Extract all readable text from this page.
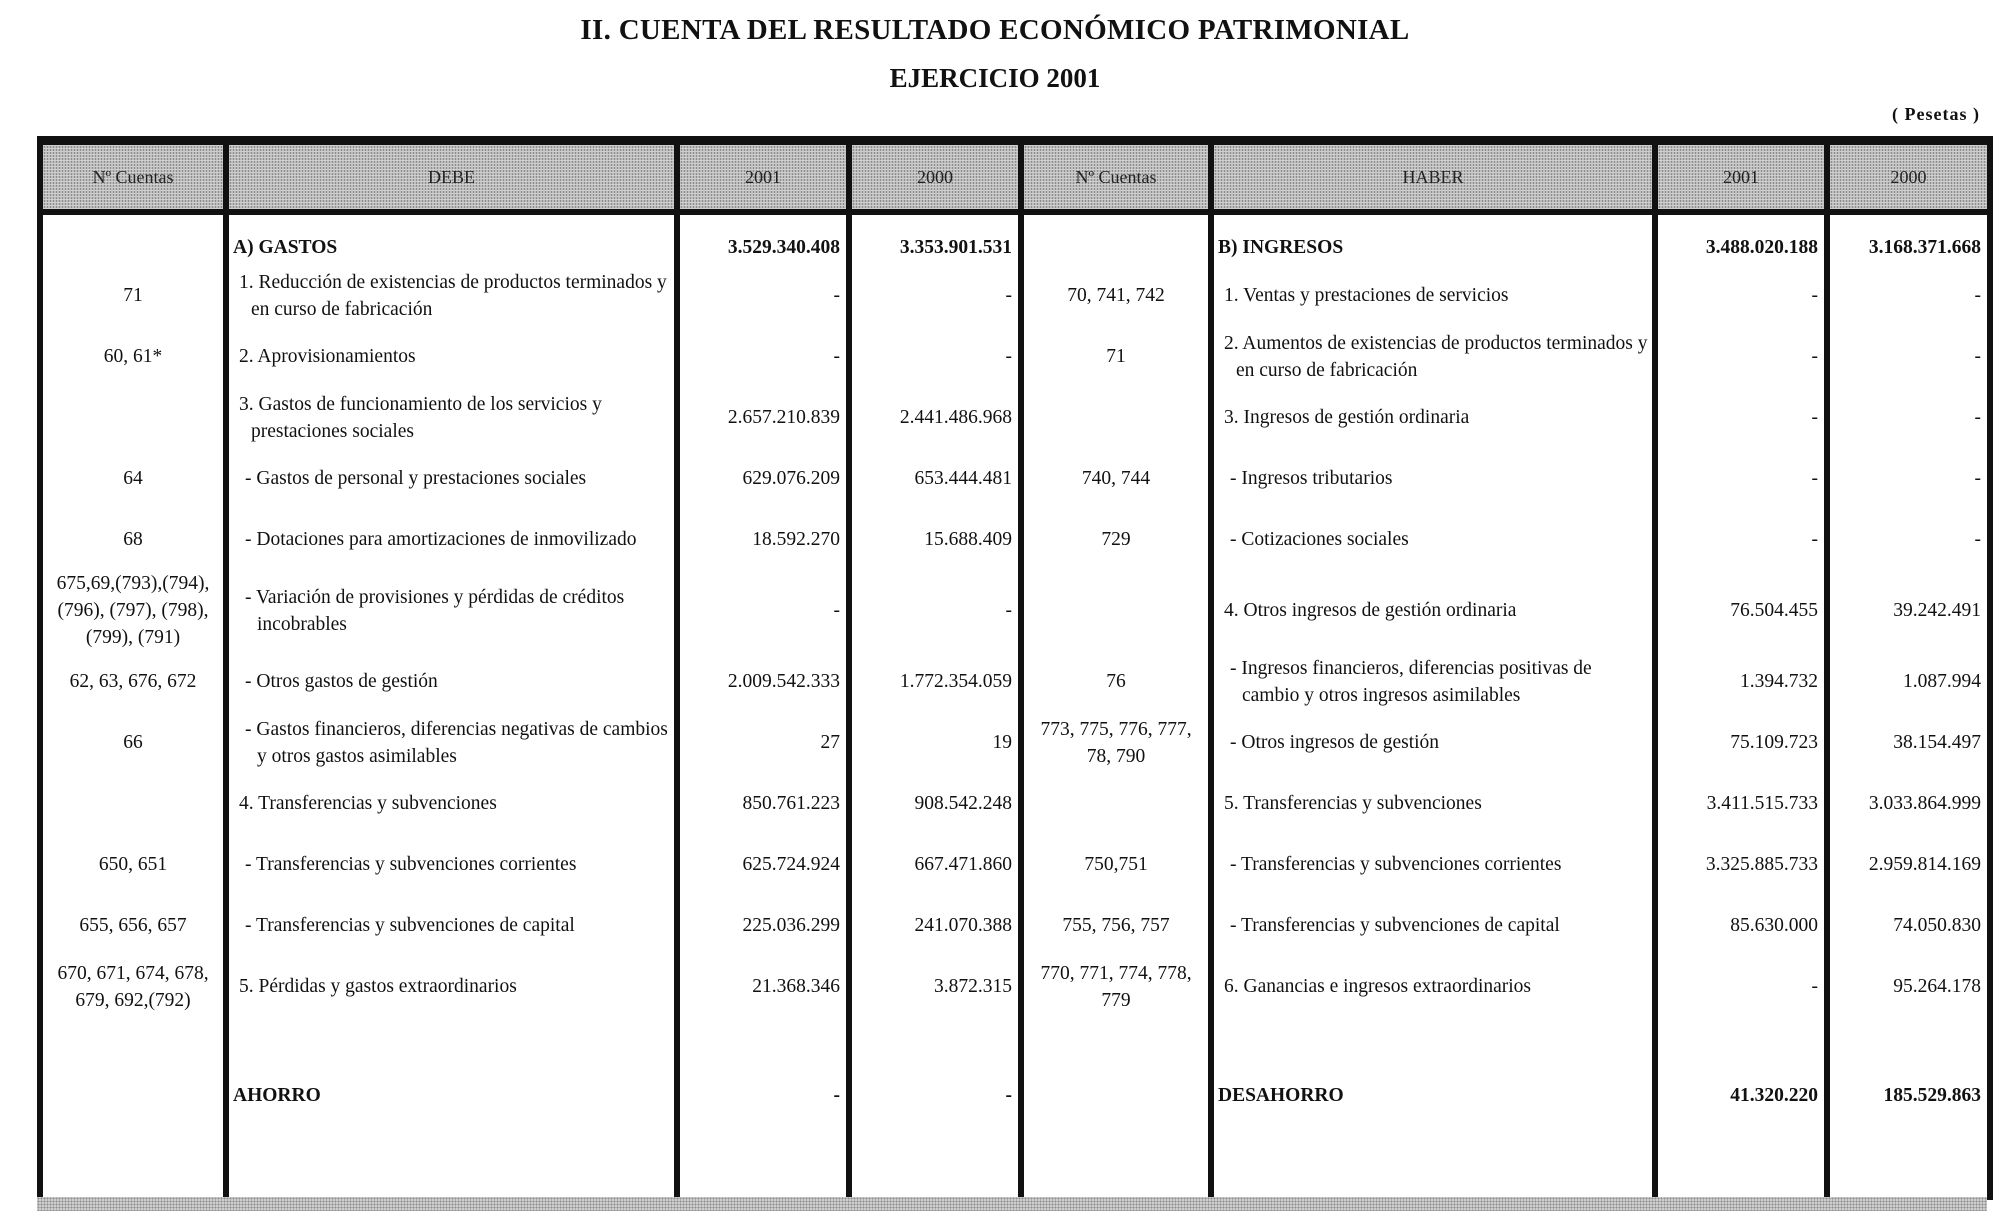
II. CUENTA DEL RESULTADO ECONÓMICO PATRIMONIAL
EJERCICIO 2001
( Pesetas )
Nº Cuentas	DEBE	2001	2000	Nº Cuentas	HABER	2001	2000

	A) GASTOS	3.529.340.408	3.353.901.531		B) INGRESOS	3.488.020.188	3.168.371.668
71	1. Reducción de existencias de productos terminados y en curso de fabricación	-	-	70, 741, 742	1. Ventas y prestaciones de servicios	-	-
60, 61*	2. Aprovisionamientos	-	-	71	2. Aumentos de existencias de productos terminados y en curso de fabricación	-	-
	3. Gastos de funcionamiento de los servicios y prestaciones sociales	2.657.210.839	2.441.486.968		3. Ingresos de gestión ordinaria	-	-
64	- Gastos de personal y prestaciones sociales	629.076.209	653.444.481	740, 744	- Ingresos tributarios	-	-
68	- Dotaciones para amortizaciones de inmovilizado	18.592.270	15.688.409	729	- Cotizaciones sociales	-	-
675,69,(793),(794), (796), (797), (798), (799), (791)	- Variación de provisiones y pérdidas de créditos incobrables	-	-		4. Otros ingresos de gestión ordinaria	76.504.455	39.242.491
62, 63, 676, 672	- Otros gastos de gestión	2.009.542.333	1.772.354.059	76	- Ingresos financieros, diferencias positivas de cambio y otros ingresos asimilables	1.394.732	1.087.994
66	- Gastos financieros, diferencias negativas de cambios y otros gastos asimilables	27	19	773, 775, 776, 777, 78, 790	- Otros ingresos de gestión	75.109.723	38.154.497
	4. Transferencias y subvenciones	850.761.223	908.542.248		5. Transferencias y subvenciones	3.411.515.733	3.033.864.999
650, 651	- Transferencias y subvenciones corrientes	625.724.924	667.471.860	750,751	- Transferencias y subvenciones corrientes	3.325.885.733	2.959.814.169
655, 656, 657	- Transferencias y subvenciones de capital	225.036.299	241.070.388	755, 756, 757	- Transferencias y subvenciones de capital	85.630.000	74.050.830
670, 671, 674, 678, 679, 692,(792)	5. Pérdidas y gastos extraordinarios	21.368.346	3.872.315	770, 771, 774, 778, 779	6. Ganancias e ingresos extraordinarios	-	95.264.178

	AHORRO	-	-		DESAHORRO	41.320.220	185.529.863
